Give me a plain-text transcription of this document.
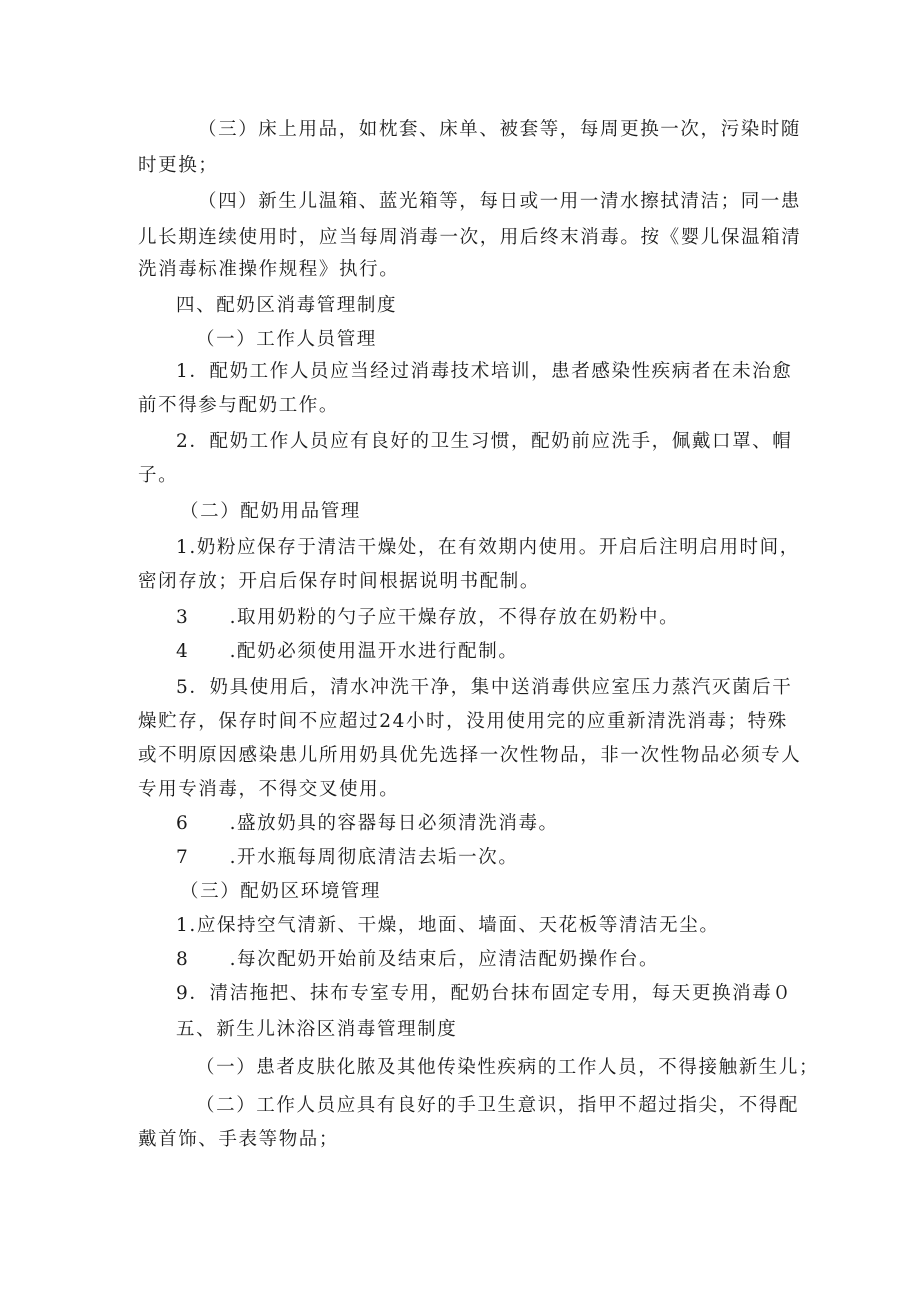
（三）床上用品，如枕套、床单、被套等，每周更换一次，污染时随
时更换；
（四）新生儿温箱、蓝光箱等，每日或一用一清水擦拭清洁；同一患
儿长期连续使用时，应当每周消毒一次，用后终末消毒。按《婴儿保温箱清
洗消毒标准操作规程》执行。
四、配奶区消毒管理制度
（一）工作人员管理
1．配奶工作人员应当经过消毒技术培训，患者感染性疾病者在未治愈
前不得参与配奶工作。
2．配奶工作人员应有良好的卫生习惯，配奶前应洗手，佩戴口罩、帽
子。
（二）配奶用品管理
1.奶粉应保存于清洁干燥处，在有效期内使用。开启后注明启用时间，
密闭存放；开启后保存时间根据说明书配制。
3　　.取用奶粉的勺子应干燥存放，不得存放在奶粉中。
4　　.配奶必须使用温开水进行配制。
5．奶具使用后，清水冲洗干净，集中送消毒供应室压力蒸汽灭菌后干
燥贮存，保存时间不应超过24小时，没用使用完的应重新清洗消毒；特殊
或不明原因感染患儿所用奶具优先选择一次性物品，非一次性物品必须专人
专用专消毒，不得交叉使用。
6　　.盛放奶具的容器每日必须清洗消毒。
7　　.开水瓶每周彻底清洁去垢一次。
（三）配奶区环境管理
1.应保持空气清新、干燥，地面、墙面、天花板等清洁无尘。
8　　.每次配奶开始前及结束后，应清洁配奶操作台。
9．清洁拖把、抹布专室专用，配奶台抹布固定专用，每天更换消毒０
五、新生儿沐浴区消毒管理制度
（一）患者皮肤化脓及其他传染性疾病的工作人员，不得接触新生儿；
（二）工作人员应具有良好的手卫生意识，指甲不超过指尖，不得配
戴首饰、手表等物品；
